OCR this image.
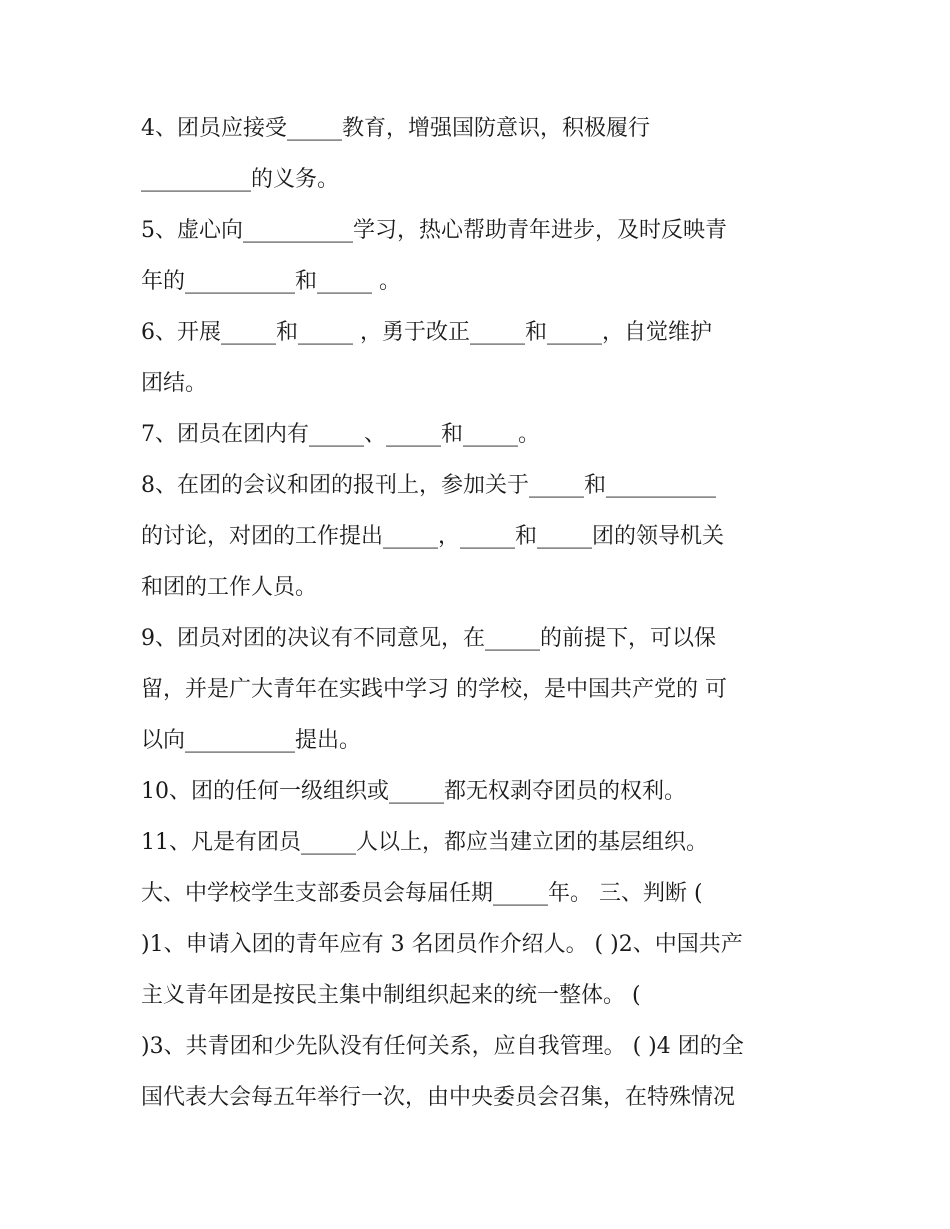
4、团员应接受_____教育，增强国防意识，积极履行
__________的义务。
5、虚心向__________学习，热心帮助青年进步，及时反映青
年的__________和_____ 。
6、开展_____和_____ ，勇于改正_____和_____，自觉维护
团结。
7、团员在团内有_____、_____和_____。
8、在团的会议和团的报刊上，参加关于_____和__________
的讨论，对团的工作提出_____，_____和_____团的领导机关
和团的工作人员。
9、团员对团的决议有不同意见，在_____的前提下，可以保
留，并是广大青年在实践中学习 的学校，是中国共产党的 可
以向__________提出。
10、团的任何一级组织或_____都无权剥夺团员的权利。
11、凡是有团员_____人以上，都应当建立团的基层组织。
大、中学校学生支部委员会每届任期_____年。 三、判断 (
)1、申请入团的青年应有 3 名团员作介绍人。 ( )2、中国共产
主义青年团是按民主集中制组织起来的统一整体。 (
)3、共青团和少先队没有任何关系，应自我管理。 ( )4 团的全
国代表大会每五年举行一次，由中央委员会召集，在特殊情况
